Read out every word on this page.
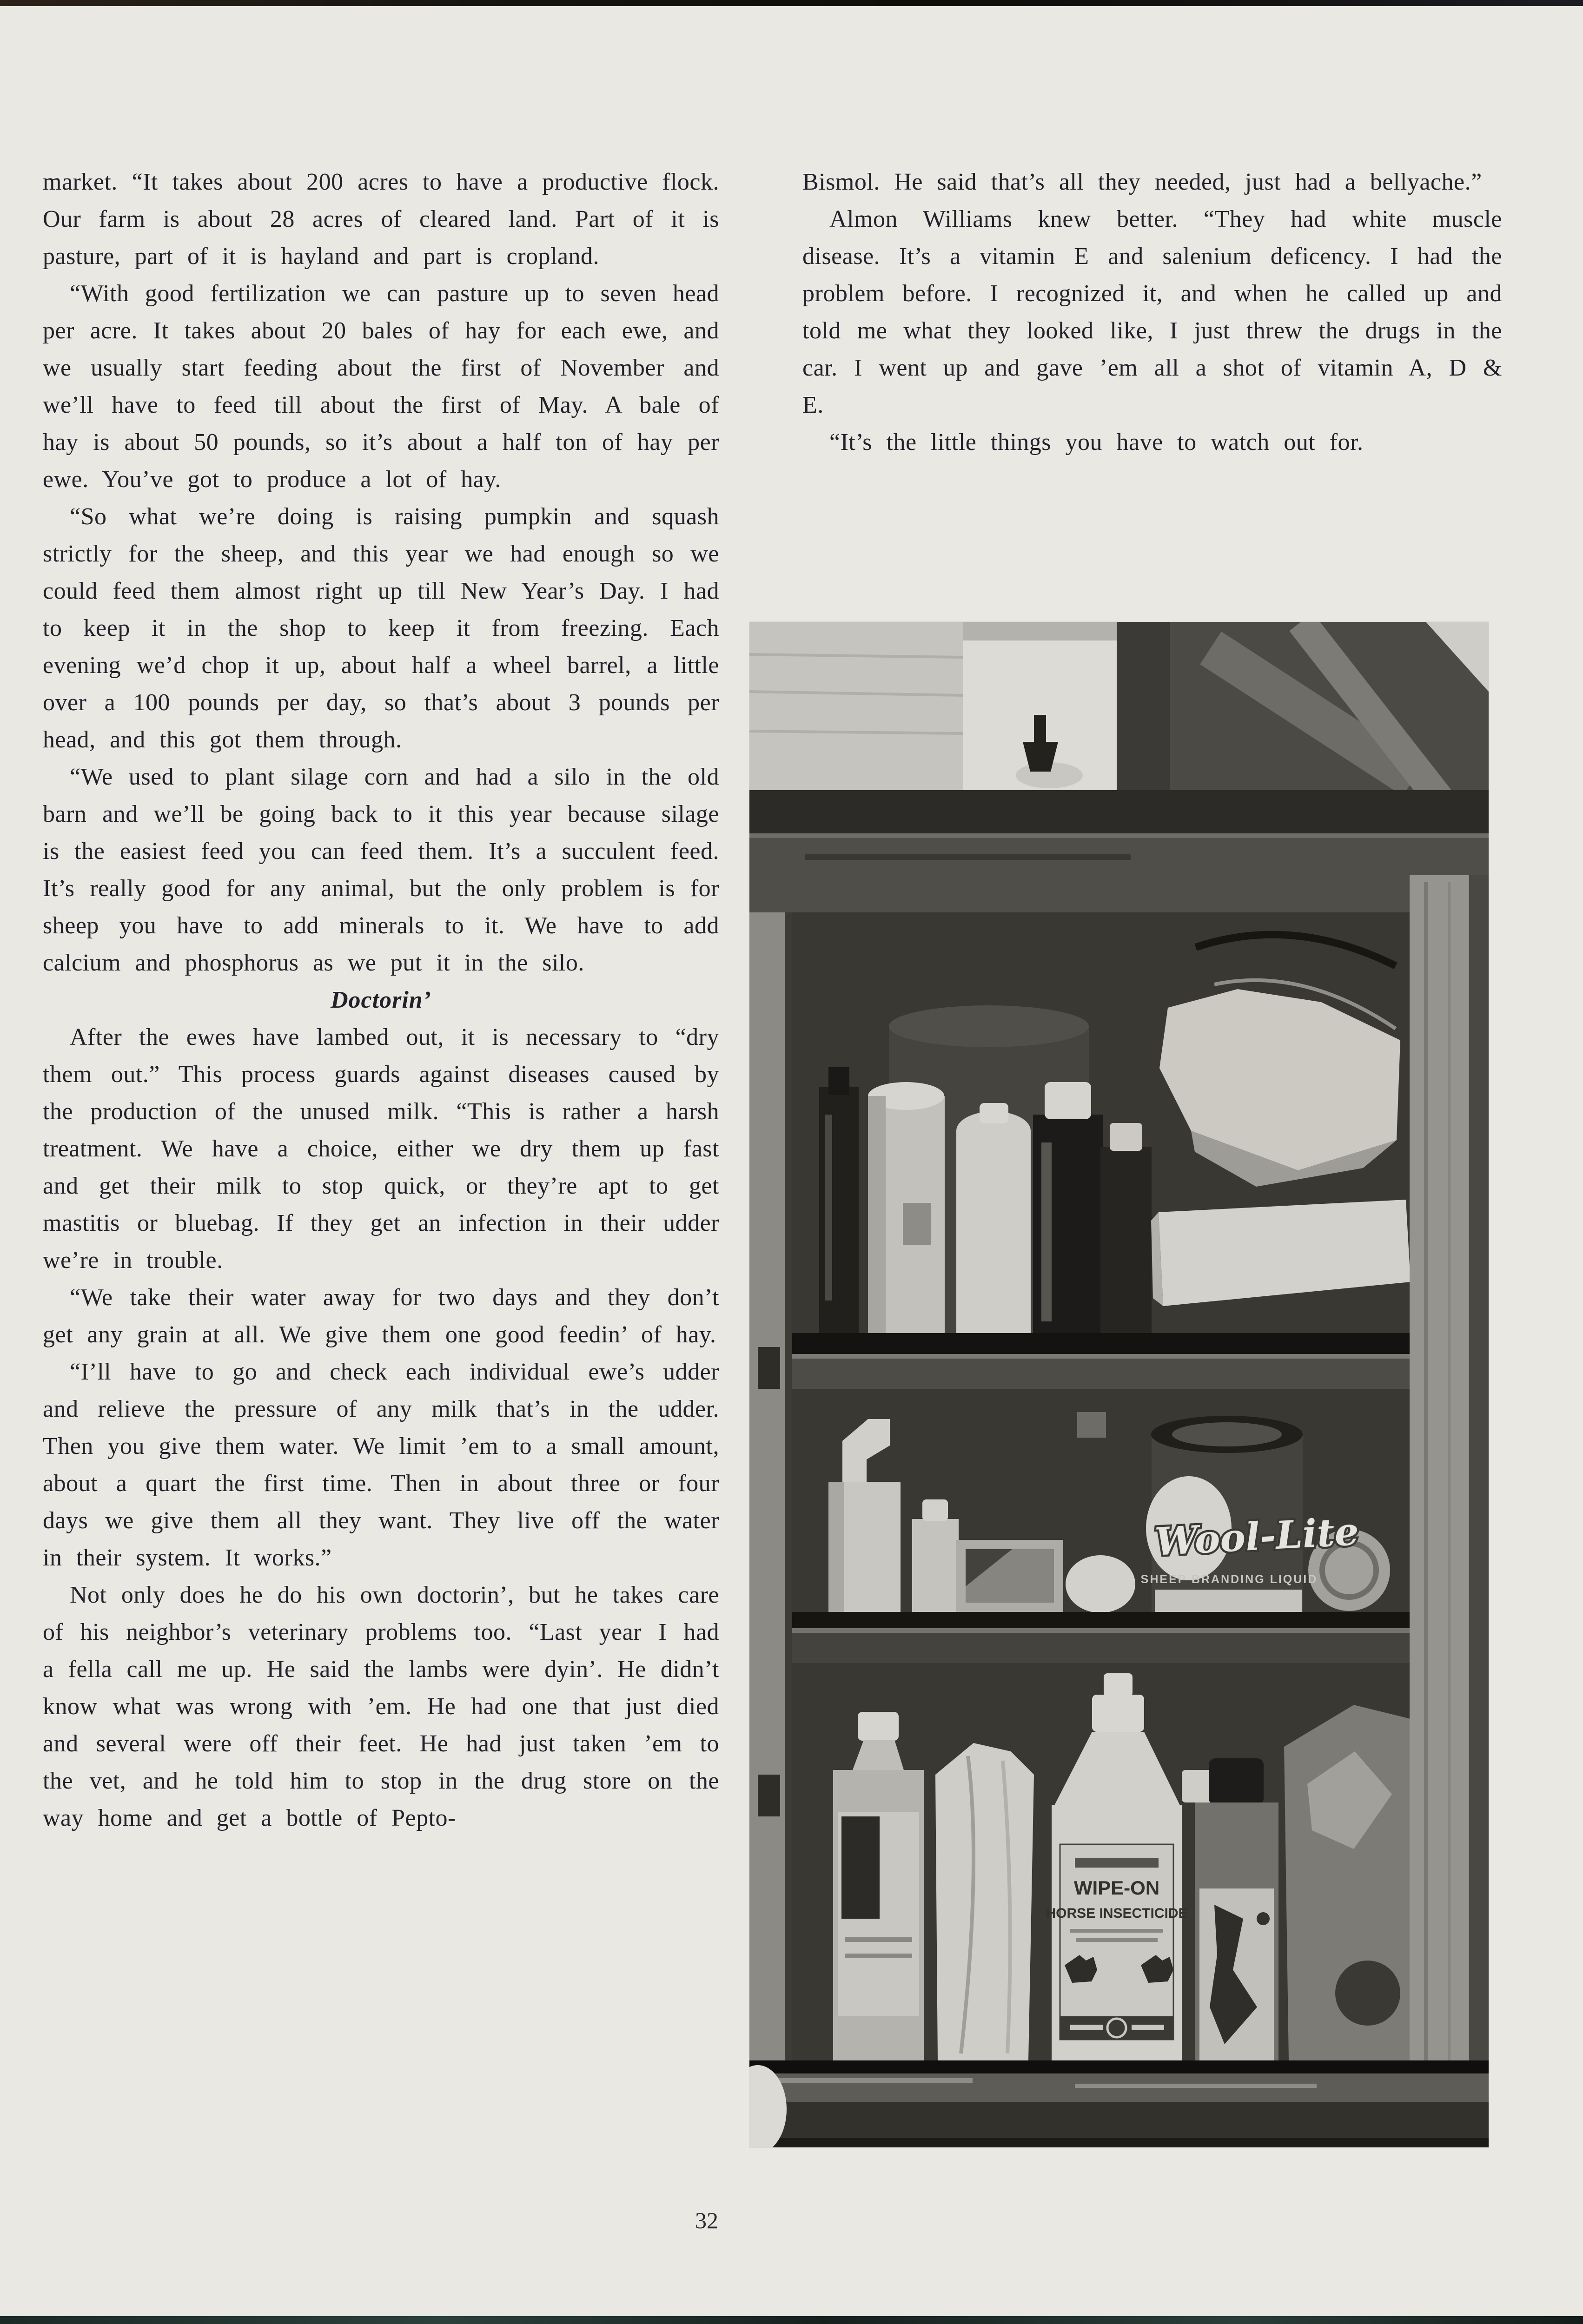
market. “It takes about 200 acres to have a productive flock. Our farm is about 28 acres of cleared land. Part of it is pasture, part of it is hayland and part is cropland.

“With good fertilization we can pasture up to seven head per acre. It takes about 20 bales of hay for each ewe, and we usually start feeding about the first of November and we’ll have to feed till about the first of May. A bale of hay is about 50 pounds, so it’s about a half ton of hay per ewe. You’ve got to produce a lot of hay.

“So what we’re doing is raising pumpkin and squash strictly for the sheep, and this year we had enough so we could feed them almost right up till New Year’s Day. I had to keep it in the shop to keep it from freezing. Each evening we’d chop it up, about half a wheel barrel, a little over a 100 pounds per day, so that’s about 3 pounds per head, and this got them through.

“We used to plant silage corn and had a silo in the old barn and we’ll be going back to it this year because silage is the easiest feed you can feed them. It’s a succulent feed. It’s really good for any animal, but the only problem is for sheep you have to add minerals to it. We have to add calcium and phosphorus as we put it in the silo.

Doctorin’

After the ewes have lambed out, it is necessary to “dry them out.” This process guards against diseases caused by the production of the unused milk. “This is rather a harsh treatment. We have a choice, either we dry them up fast and get their milk to stop quick, or they’re apt to get mastitis or bluebag. If they get an infection in their udder we’re in trouble.

“We take their water away for two days and they don’t get any grain at all. We give them one good feedin’ of hay.

“I’ll have to go and check each individual ewe’s udder and relieve the pressure of any milk that’s in the udder. Then you give them water. We limit ’em to a small amount, about a quart the first time. Then in about three or four days we give them all they want. They live off the water in their system. It works.”

Not only does he do his own doctorin’, but he takes care of his neighbor’s veterinary problems too. “Last year I had a fella call me up. He said the lambs were dyin’. He didn’t know what was wrong with ’em. He had one that just died and several were off their feet. He had just taken ’em to the vet, and he told him to stop in the drug store on the way home and get a bottle of Pepto-

Bismol. He said that’s all they needed, just had a bellyache.”

Almon Williams knew better. “They had white muscle disease. It’s a vitamin E and salenium deficency. I had the problem before. I recognized it, and when he called up and told me what they looked like, I just threw the drugs in the car. I went up and gave ’em all a shot of vitamin A, D & E.

“It’s the little things you have to watch out for.

Wool-Lite
SHEEP BRANDING LIQUID
WIPE-ON
HORSE INSECTICIDE
32
